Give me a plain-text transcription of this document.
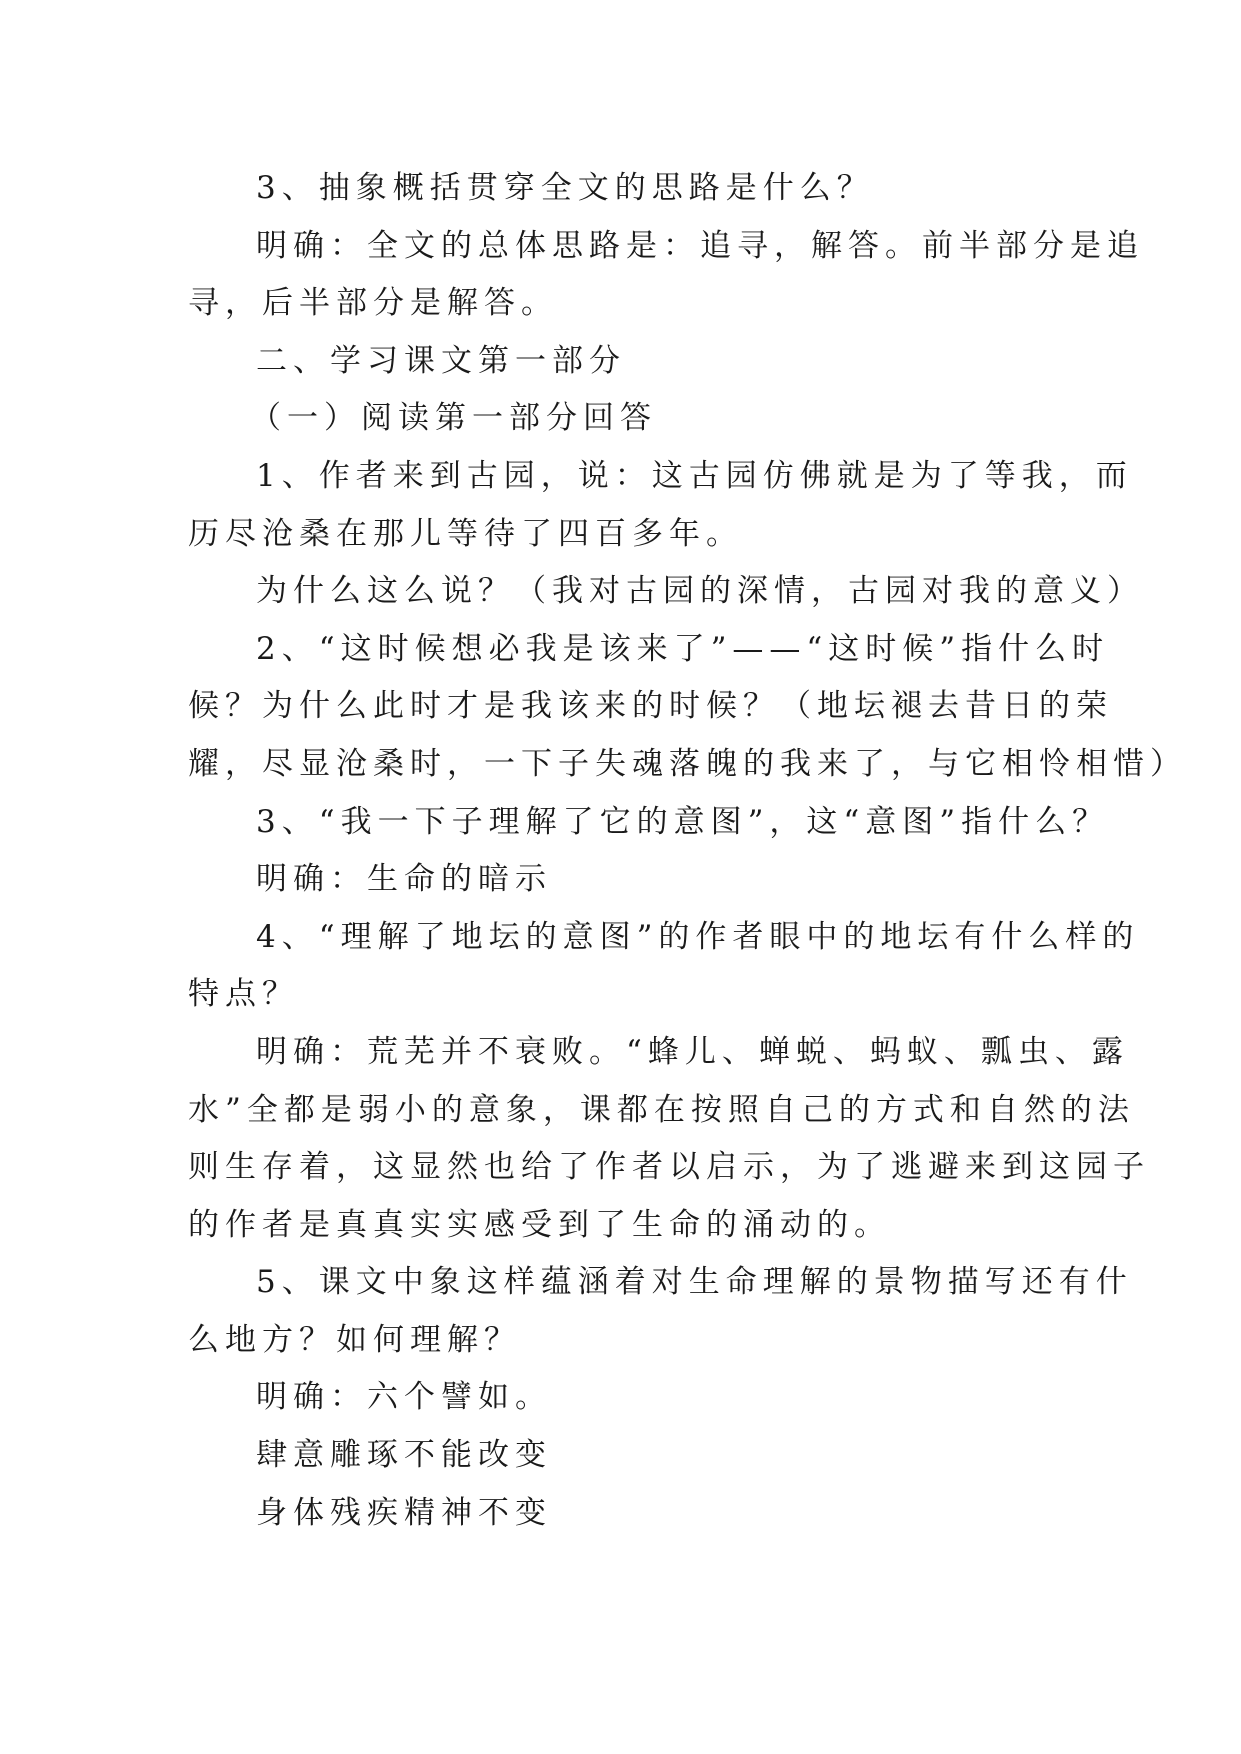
3、抽象概括贯穿全文的思路是什么？
明确：全文的总体思路是：追寻，解答。前半部分是追
寻，后半部分是解答。
二、学习课文第一部分
（一）阅读第一部分回答
1、作者来到古园，说：这古园仿佛就是为了等我，而
历尽沧桑在那儿等待了四百多年。
为什么这么说？（我对古园的深情，古园对我的意义）
2、“这时候想必我是该来了”——“这时候”指什么时
候？为什么此时才是我该来的时候？（地坛褪去昔日的荣
耀，尽显沧桑时，一下子失魂落魄的我来了，与它相怜相惜）
3、“我一下子理解了它的意图”，这“意图”指什么？
明确：生命的暗示
4、“理解了地坛的意图”的作者眼中的地坛有什么样的
特点？
明确：荒芜并不衰败。“蜂儿、蝉蜕、蚂蚁、瓢虫、露
水”全都是弱小的意象，课都在按照自己的方式和自然的法
则生存着，这显然也给了作者以启示，为了逃避来到这园子
的作者是真真实实感受到了生命的涌动的。
5、课文中象这样蕴涵着对生命理解的景物描写还有什
么地方？如何理解？
明确：六个譬如。
肆意雕琢不能改变
身体残疾精神不变
